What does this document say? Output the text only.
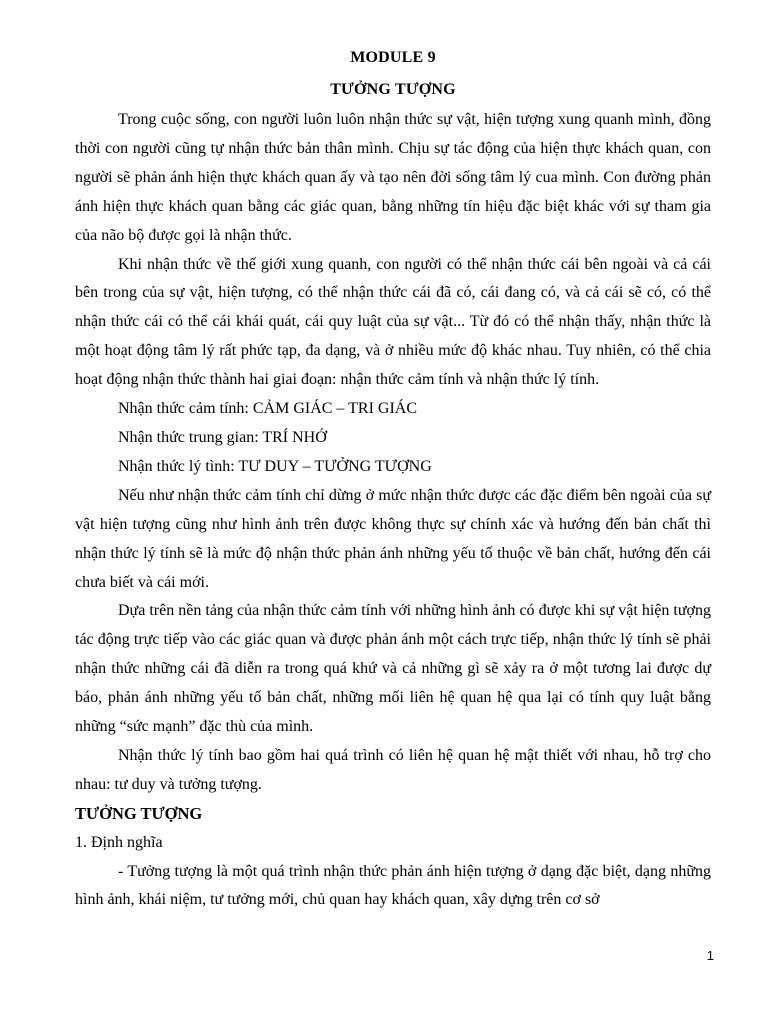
MODULE 9
TƯỞNG TƯỢNG

Trong cuộc sống, con người luôn luôn nhận thức sự vật, hiện tượng xung quanh mình, đồng thời con người cũng tự nhận thức bản thân mình. Chịu sự tác động của hiện thực khách quan, con người sẽ phản ánh hiện thực khách quan ấy và tạo nên đời sống tâm lý cua mình. Con đường phản ánh hiện thực khách quan bằng các giác quan, bằng những tín hiệu đặc biệt khác với sự tham gia của não bộ được gọi là nhận thức.

Khi nhận thức về thế giới xung quanh, con người có thể nhận thức cái bên ngoài và cả cái bên trong của sự vật, hiện tượng, có thể nhận thức cái đã có, cái đang có, và cả cái sẽ có, có thể nhận thức cái có thể cái khái quát, cái quy luật của sự vật... Từ đó có thể nhận thấy, nhận thức là một hoạt động tâm lý rất phức tạp, đa dạng, và ở nhiều mức độ khác nhau. Tuy nhiên, có thể chia hoạt động nhận thức thành hai giai đoạn: nhận thức cảm tính và nhận thức lý tính.

Nhận thức cảm tính: CẢM GIÁC – TRI GIÁC

Nhận thức trung gian: TRÍ NHỚ

Nhận thức lý tình: TƯ DUY – TƯỞNG TƯỢNG

Nếu như nhận thức cảm tính chỉ dừng ở mức nhận thức được các đặc điểm bên ngoài của sự vật hiện tượng cũng như hình ảnh trên được không thực sự chính xác và hướng đến bản chất thì nhận thức lý tính sẽ là mức độ nhận thức phản ánh những yếu tố thuộc về bản chất, hướng đến cái chưa biết và cái mới.

Dựa trên nền tảng của nhận thức cảm tính với những hình ảnh có được khi sự vật hiện tượng tác động trực tiếp vào các giác quan và được phản ánh một cách trực tiếp, nhận thức lý tính sẽ phải nhận thức những cái đã diễn ra trong quá khứ và cả những gì sẽ xảy ra ở một tương lai được dự báo, phản ánh những yếu tố bản chất, những mối liên hệ quan hệ qua lại có tính quy luật bằng những “sức mạnh” đặc thù của mình.

Nhận thức lý tính bao gồm hai quá trình có liên hệ quan hệ mật thiết với nhau, hỗ trợ cho nhau: tư duy và tưởng tượng.

TƯỞNG TƯỢNG

1. Định nghĩa

- Tưởng tượng là một quá trình nhận thức phản ánh hiện tượng ở dạng đặc biệt, dạng những hình ảnh, khái niệm, tư tưởng mới, chủ quan hay khách quan, xây dựng trên cơ sở

1
